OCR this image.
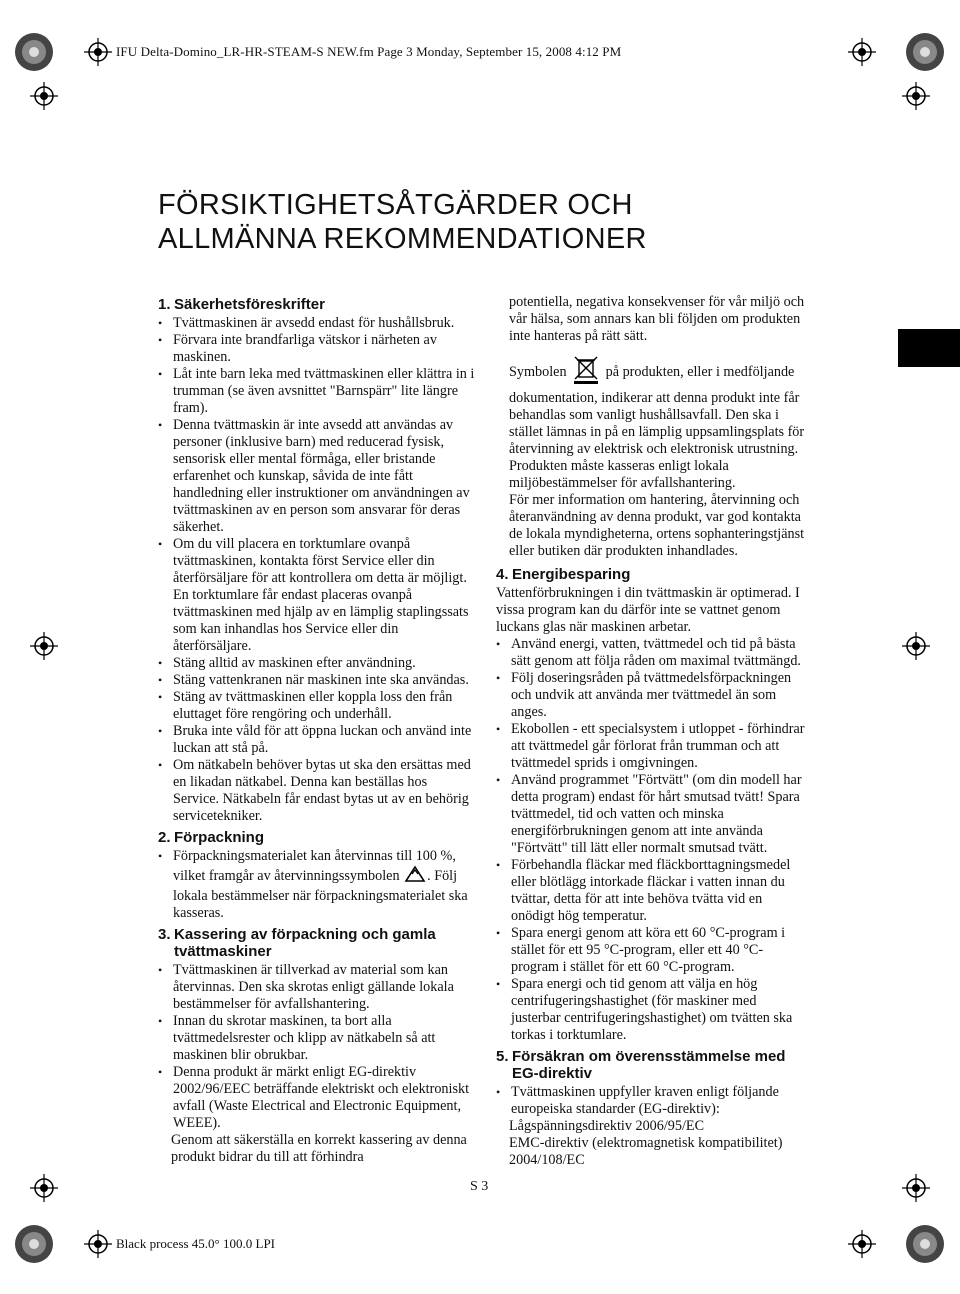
IFU Delta-Domino_LR-HR-STEAM-S NEW.fm Page 3 Monday, September 15, 2008 4:12 PM
Black process 45.0° 100.0 LPI
FÖRSIKTIGHETSÅTGÄRDER OCH
ALLMÄNNA REKOMMENDATIONER
1. Säkerhetsföreskrifter
• Tvättmaskinen är avsedd endast för hushållsbruk.
• Förvara inte brandfarliga vätskor i närheten av maskinen.
• Låt inte barn leka med tvättmaskinen eller klättra in i trumman (se även avsnittet "Barnspärr" lite längre fram).
• Denna tvättmaskin är inte avsedd att användas av personer (inklusive barn) med reducerad fysisk, sensorisk eller mental förmåga, eller bristande erfarenhet och kunskap, såvida de inte fått handledning eller instruktioner om användningen av tvättmaskinen av en person som ansvarar för deras säkerhet.
• Om du vill placera en torktumlare ovanpå tvättmaskinen, kontakta först Service eller din återförsäljare för att kontrollera om detta är möjligt. En torktumlare får endast placeras ovanpå tvättmaskinen med hjälp av en lämplig staplingssats som kan inhandlas hos Service eller din återförsäljare.
• Stäng alltid av maskinen efter användning.
• Stäng vattenkranen när maskinen inte ska användas.
• Stäng av tvättmaskinen eller koppla loss den från eluttaget före rengöring och underhåll.
• Bruka inte våld för att öppna luckan och använd inte luckan att stå på.
• Om nätkabeln behöver bytas ut ska den ersättas med en likadan nätkabel. Denna kan beställas hos Service. Nätkabeln får endast bytas ut av en behörig servicetekniker.
2. Förpackning
• Förpackningsmaterialet kan återvinnas till 100 %, vilket framgår av återvinningssymbolen . Följ lokala bestämmelser när förpackningsmaterialet ska kasseras.
3. Kassering av förpackning och gamla tvättmaskiner
• Tvättmaskinen är tillverkad av material som kan återvinnas. Den ska skrotas enligt gällande lokala bestämmelser för avfallshantering.
• Innan du skrotar maskinen, ta bort alla tvättmedelsrester och klipp av nätkabeln så att maskinen blir obrukbar.
• Denna produkt är märkt enligt EG-direktiv 2002/96/EEC beträffande elektriskt och elektroniskt avfall (Waste Electrical and Electronic Equipment, WEEE).

Genom att säkerställa en korrekt kassering av denna produkt bidrar du till att förhindra

potentiella, negativa konsekvenser för vår miljö och vår hälsa, som annars kan bli följden om produkten inte hanteras på rätt sätt.

Symbolen	på produkten, eller i medföljande dokumentation, indikerar att denna produkt inte får behandlas som vanligt hushållsavfall. Den ska i stället lämnas in på en lämplig uppsamlingsplats för återvinning av elektrisk och elektronisk utrustning.

Produkten måste kasseras enligt lokala miljöbestämmelser för avfallshantering.

För mer information om hantering, återvinning och återanvändning av denna produkt, var god kontakta de lokala myndigheterna, ortens sophanteringstjänst eller butiken där produkten inhandlades.

4. Energibesparing

Vattenförbrukningen i din tvättmaskin är optimerad. I vissa program kan du därför inte se vattnet genom luckans glas när maskinen arbetar.

• Använd energi, vatten, tvättmedel och tid på bästa sätt genom att följa råden om maximal tvättmängd.
• Följ doseringsråden på tvättmedelsförpackningen och undvik att använda mer tvättmedel än som anges.
• Ekobollen - ett specialsystem i utloppet - förhindrar att tvättmedel går förlorat från trumman och att tvättmedel sprids i omgivningen.
• Använd programmet "Förtvätt" (om din modell har detta program) endast för hårt smutsad tvätt! Spara tvättmedel, tid och vatten och minska energiförbrukningen genom att inte använda "Förtvätt" till lätt eller normalt smutsad tvätt.
• Förbehandla fläckar med fläckborttagningsmedel eller blötlägg intorkade fläckar i vatten innan du tvättar, detta för att inte behöva tvätta vid en onödigt hög temperatur.
• Spara energi genom att köra ett 60 °C-program i stället för ett 95 °C-program, eller ett 40 °C-program i stället för ett 60 °C-program.
• Spara energi och tid genom att välja en hög centrifugeringshastighet (för maskiner med justerbar centrifugeringshastighet) om tvätten ska torkas i torktumlare.
5. Försäkran om överensstämmelse med EG-direktiv
• Tvättmaskinen uppfyller kraven enligt följande europeiska standarder (EG-direktiv):

Lågspänningsdirektiv 2006/95/EC

EMC-direktiv (elektromagnetisk kompatibilitet) 2004/108/EC

S 3
